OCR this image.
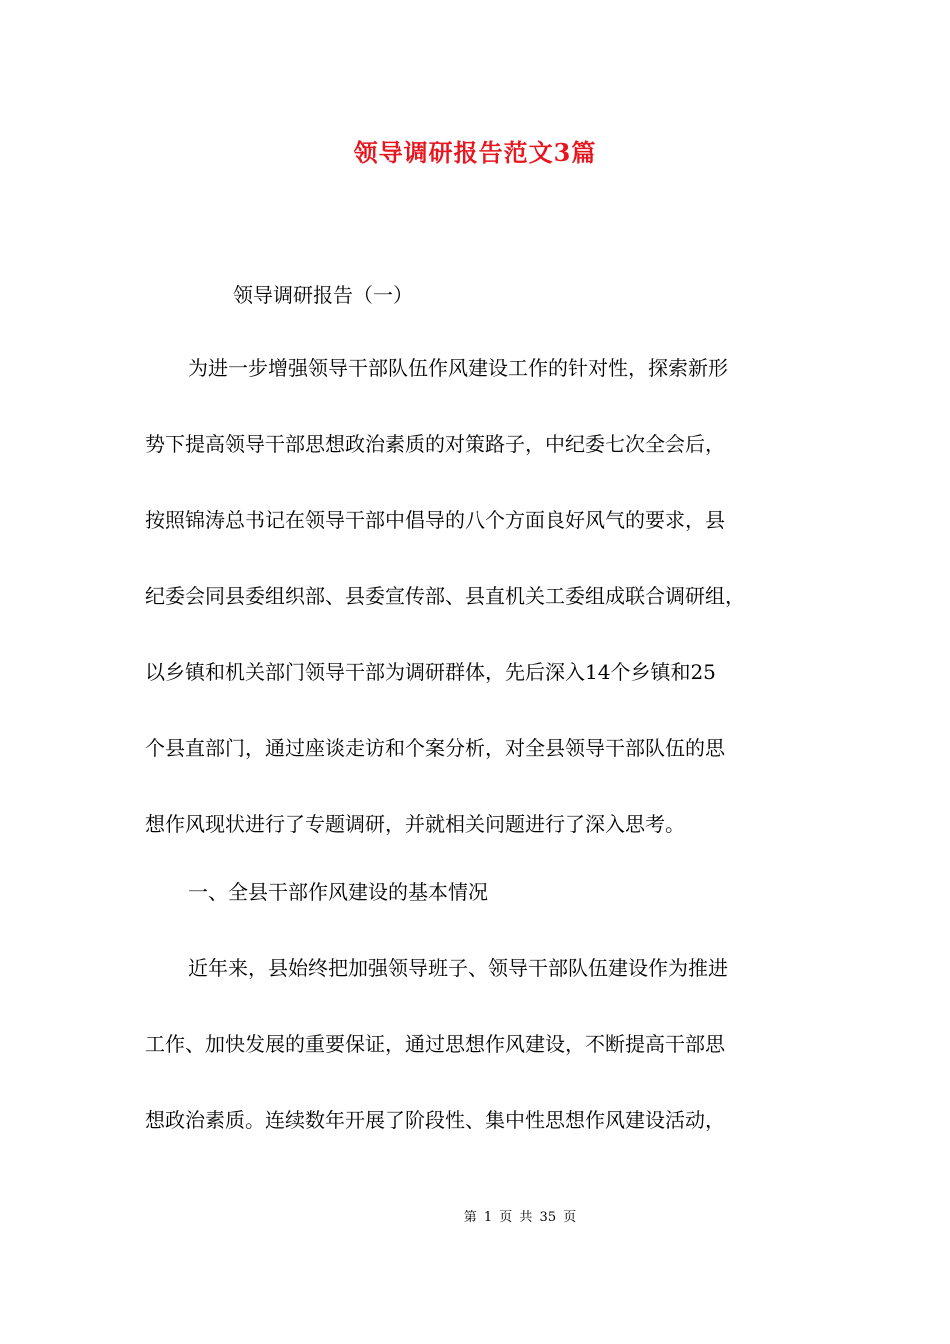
领导调研报告范文3篇
领导调研报告（一）
为进一步增强领导干部队伍作风建设工作的针对性，探索新形
势下提高领导干部思想政治素质的对策路子，中纪委七次全会后，
按照锦涛总书记在领导干部中倡导的八个方面良好风气的要求，县
纪委会同县委组织部、县委宣传部、县直机关工委组成联合调研组，
以乡镇和机关部门领导干部为调研群体，先后深入14个乡镇和25
个县直部门，通过座谈走访和个案分析，对全县领导干部队伍的思
想作风现状进行了专题调研，并就相关问题进行了深入思考。
一、全县干部作风建设的基本情况
近年来，县始终把加强领导班子、领导干部队伍建设作为推进
工作、加快发展的重要保证，通过思想作风建设，不断提高干部思
想政治素质。连续数年开展了阶段性、集中性思想作风建设活动，
第 1 页 共 35 页
